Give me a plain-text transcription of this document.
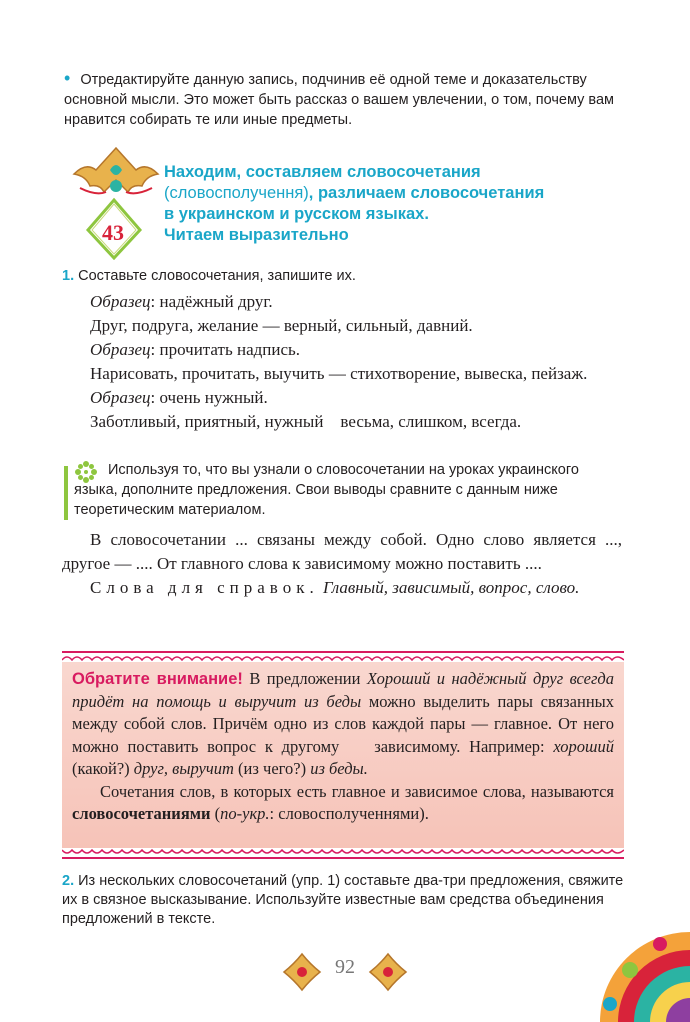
• Отредактируйте данную запись, подчинив её одной теме и доказательству основной мысли. Это может быть рассказ о вашем увлечении, о том, почему вам нравится собирать те или иные предметы.
43
Находим, составляем словосочетания
(словосполучення), различаем словосочетания
в украинском и русском языках.
Читаем выразительно
1. Составьте словосочетания, запишите их.

Образец: надёжный друг.

Друг, подруга, желание — верный, сильный, давний.

Образец: прочитать надпись.

Нарисовать, прочитать, выучить — стихотворение, вывеска, пейзаж.

Образец: очень нужный.

Заботливый, приятный, нужный    весьма, слишком, всегда.

Используя то, что вы узнали о словосочетании на уроках украинского языка, дополните предложения. Свои выводы сравните с данным ниже теоретическим материалом.

В словосочетании ... связаны между собой. Одно слово является ..., другое — .... От главного слова к зависимому можно поставить ....

Слова для справок. Главный, зависимый, вопрос, слово.

Обратите внимание! В предложении Хороший и надёжный друг всегда придёт на помощь и выручит из беды можно выделить пары связанных между собой слов. Причём одно из слов каждой пары — главное. От него можно поставить вопрос к другому    зависимому. Например: хороший (какой?) друг, выручит (из чего?) из беды.

Сочетания слов, в которых есть главное и зависимое слова, называются словосочетаниями (по-укр.: словосполученнями).

2. Из нескольких словосочетаний (упр. 1) составьте два-три предложения, свяжите их в связное высказывание. Используйте известные вам средства объединения предложений в тексте.
92
